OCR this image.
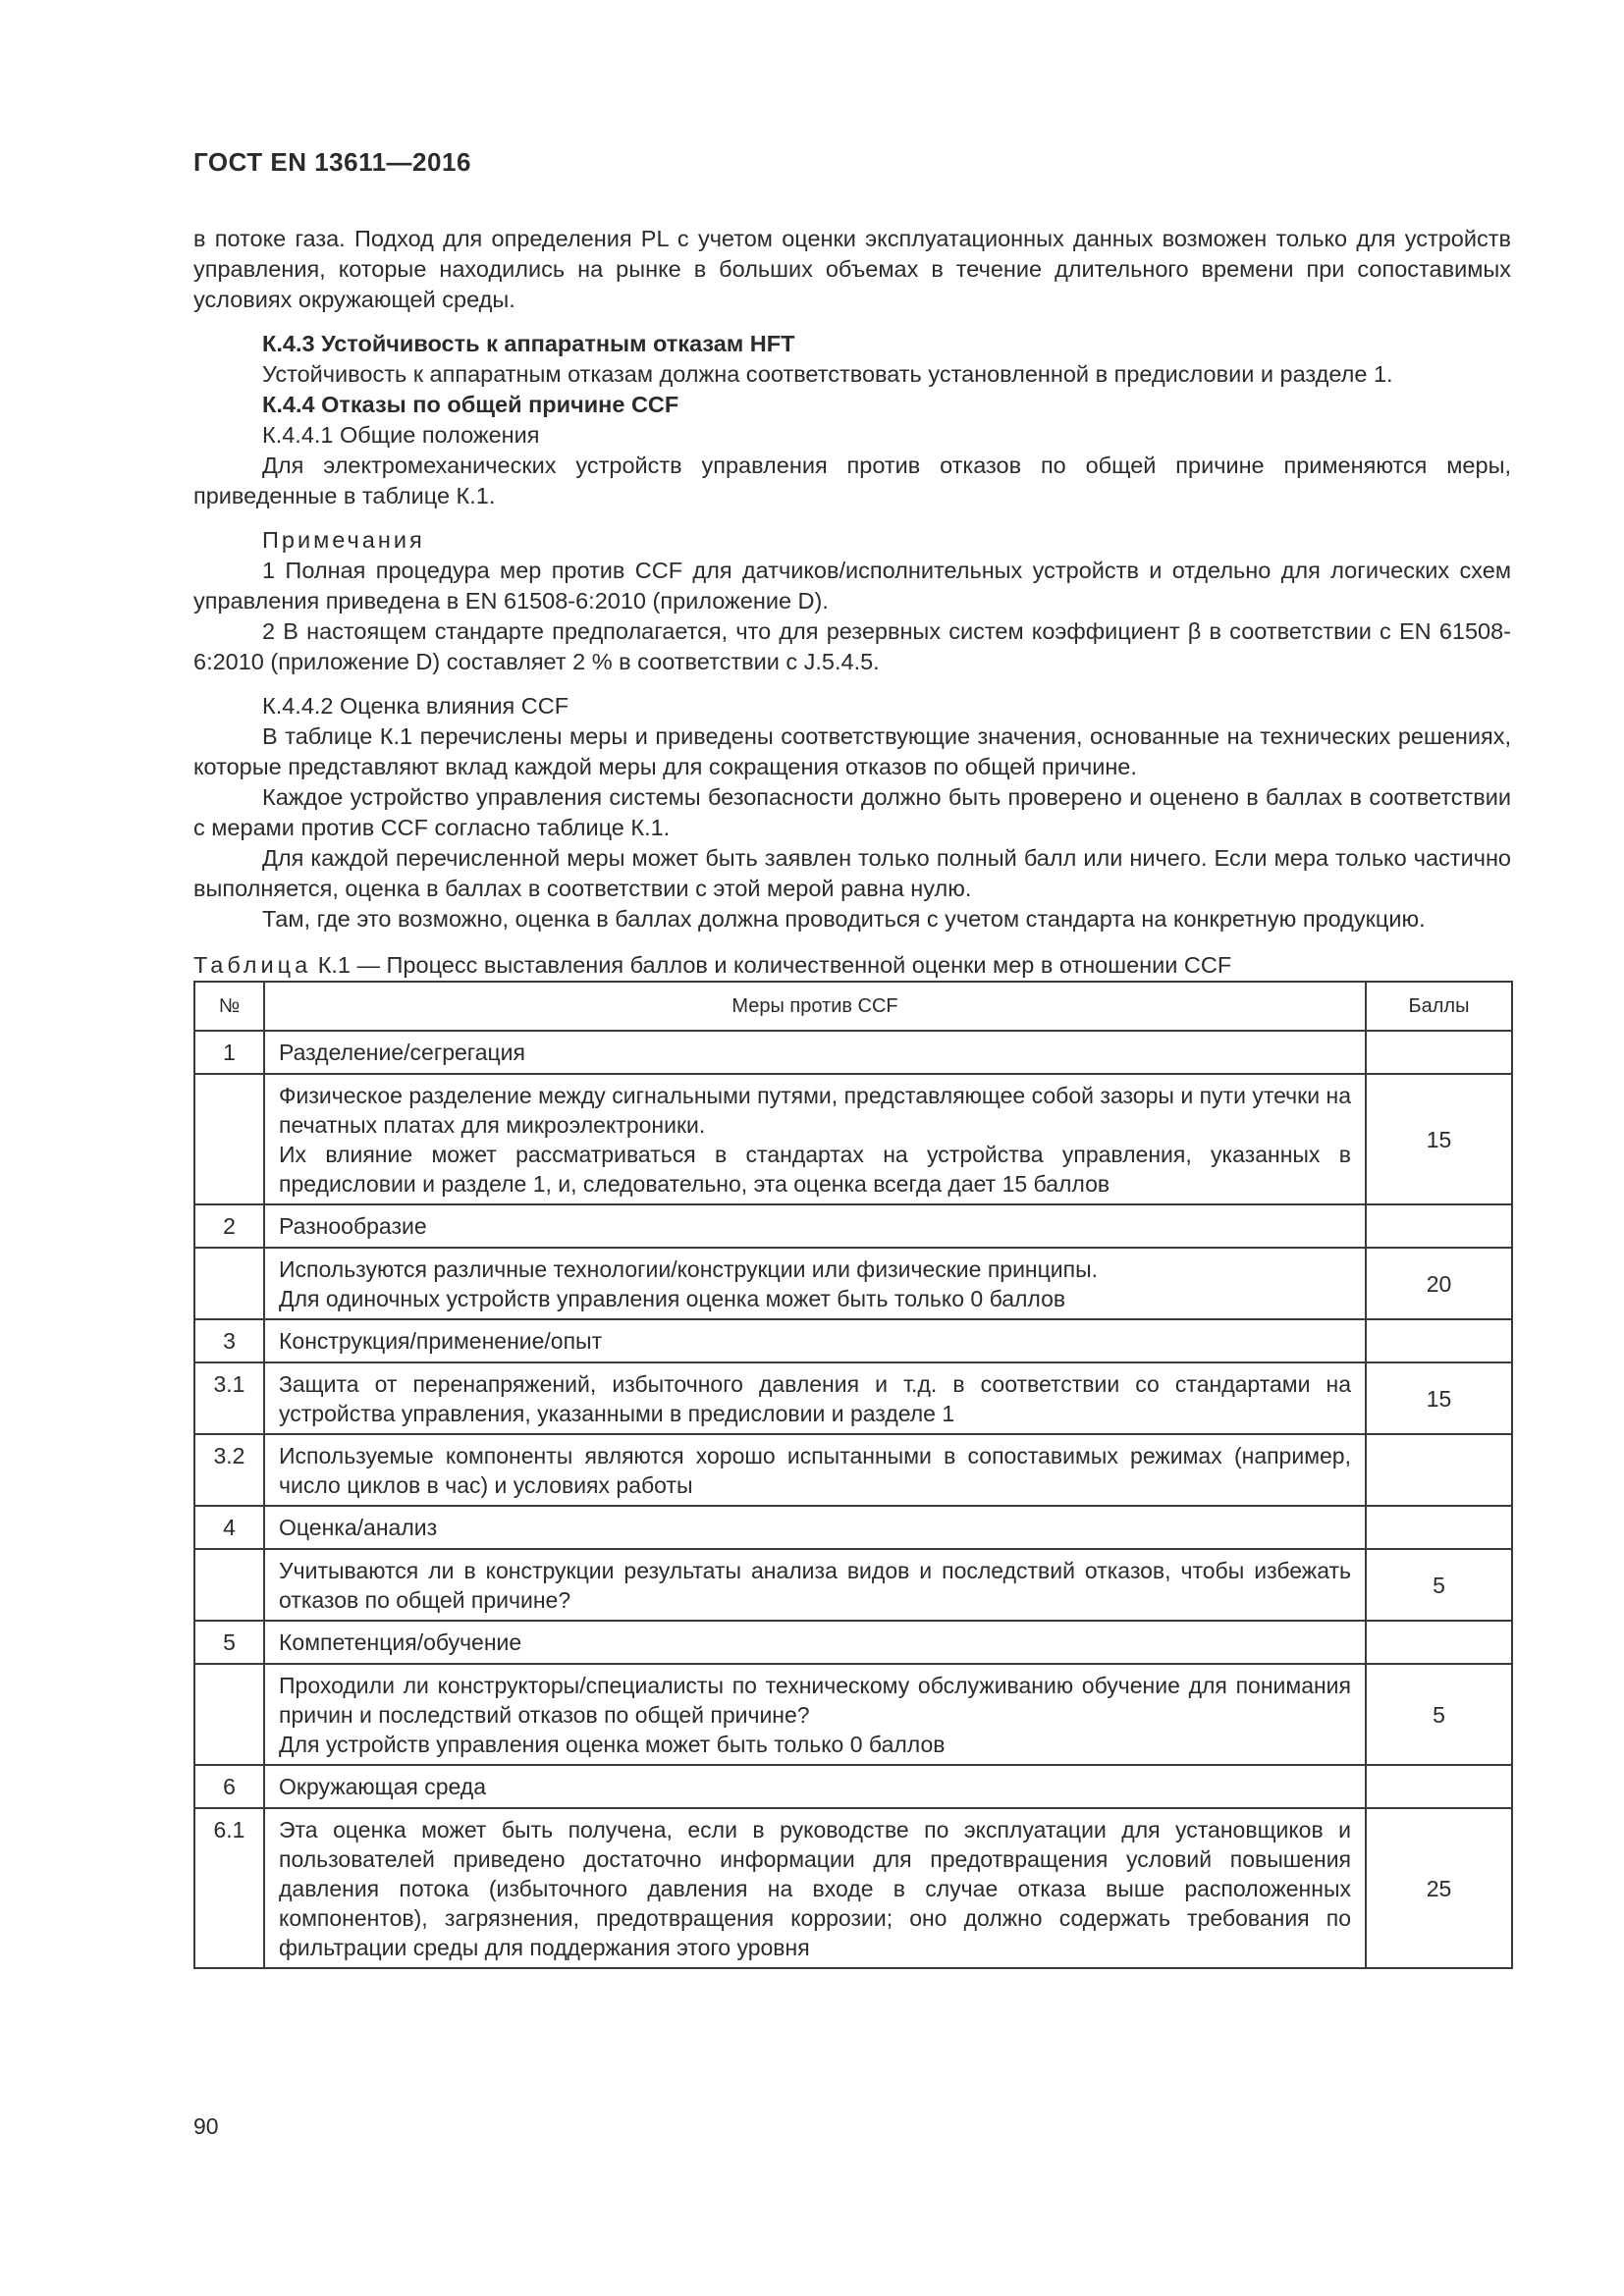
ГОСТ EN 13611—2016

в потоке газа. Подход для определения PL с учетом оценки эксплуатационных данных возможен только для устройств управления, которые находились на рынке в больших объемах в течение длительного времени при сопоставимых условиях окружающей среды.

К.4.3 Устойчивость к аппаратным отказам HFT

Устойчивость к аппаратным отказам должна соответствовать установленной в предисловии и разделе 1.

К.4.4 Отказы по общей причине CCF

К.4.4.1 Общие положения

Для электромеханических устройств управления против отказов по общей причине применяются меры, приведенные в таблице К.1.

Примечания

1 Полная процедура мер против CCF для датчиков/исполнительных устройств и отдельно для логических схем управления приведена в EN 61508-6:2010 (приложение D).

2 В настоящем стандарте предполагается, что для резервных систем коэффициент β в соответствии с EN 61508-6:2010 (приложение D) составляет 2 % в соответствии с J.5.4.5.

К.4.4.2 Оценка влияния CCF

В таблице К.1 перечислены меры и приведены соответствующие значения, основанные на технических решениях, которые представляют вклад каждой меры для сокращения отказов по общей причине.

Каждое устройство управления системы безопасности должно быть проверено и оценено в баллах в соответствии с мерами против CCF согласно таблице К.1.

Для каждой перечисленной меры может быть заявлен только полный балл или ничего. Если мера только частично выполняется, оценка в баллах в соответствии с этой мерой равна нулю.

Там, где это возможно, оценка в баллах должна проводиться с учетом стандарта на конкретную продукцию.

Таблица К.1 — Процесс выставления баллов и количественной оценки мер в отношении CCF

№	Меры против CCF	Баллы
1	Разделение/сегрегация	
	Физическое разделение между сигнальными путями, представляющее собой зазоры и пути утечки на печатных платах для микроэлектроники.
Их влияние может рассматриваться в стандартах на устройства управления, указанных в предисловии и разделе 1, и, следовательно, эта оценка всегда дает 15 баллов	15
2	Разнообразие	
	Используются различные технологии/конструкции или физические принципы.
Для одиночных устройств управления оценка может быть только 0 баллов	20
3	Конструкция/применение/опыт	
3.1	Защита от перенапряжений, избыточного давления и т.д. в соответствии со стандартами на устройства управления, указанными в предисловии и разделе 1	15
3.2	Используемые компоненты являются хорошо испытанными в сопоставимых режимах (например, число циклов в час) и условиях работы	
4	Оценка/анализ	
	Учитываются ли в конструкции результаты анализа видов и последствий отказов, чтобы избежать отказов по общей причине?	5
5	Компетенция/обучение	
	Проходили ли конструкторы/специалисты по техническому обслуживанию обучение для понимания причин и последствий отказов по общей причине?
Для устройств управления оценка может быть только 0 баллов	5
6	Окружающая среда	
6.1	Эта оценка может быть получена, если в руководстве по эксплуатации для установщиков и пользователей приведено достаточно информации для предотвращения условий повышения давления потока (избыточного давления на входе в случае отказа выше расположенных компонентов), загрязнения, предотвращения коррозии; оно должно содержать требования по фильтрации среды для поддержания этого уровня	25
90
